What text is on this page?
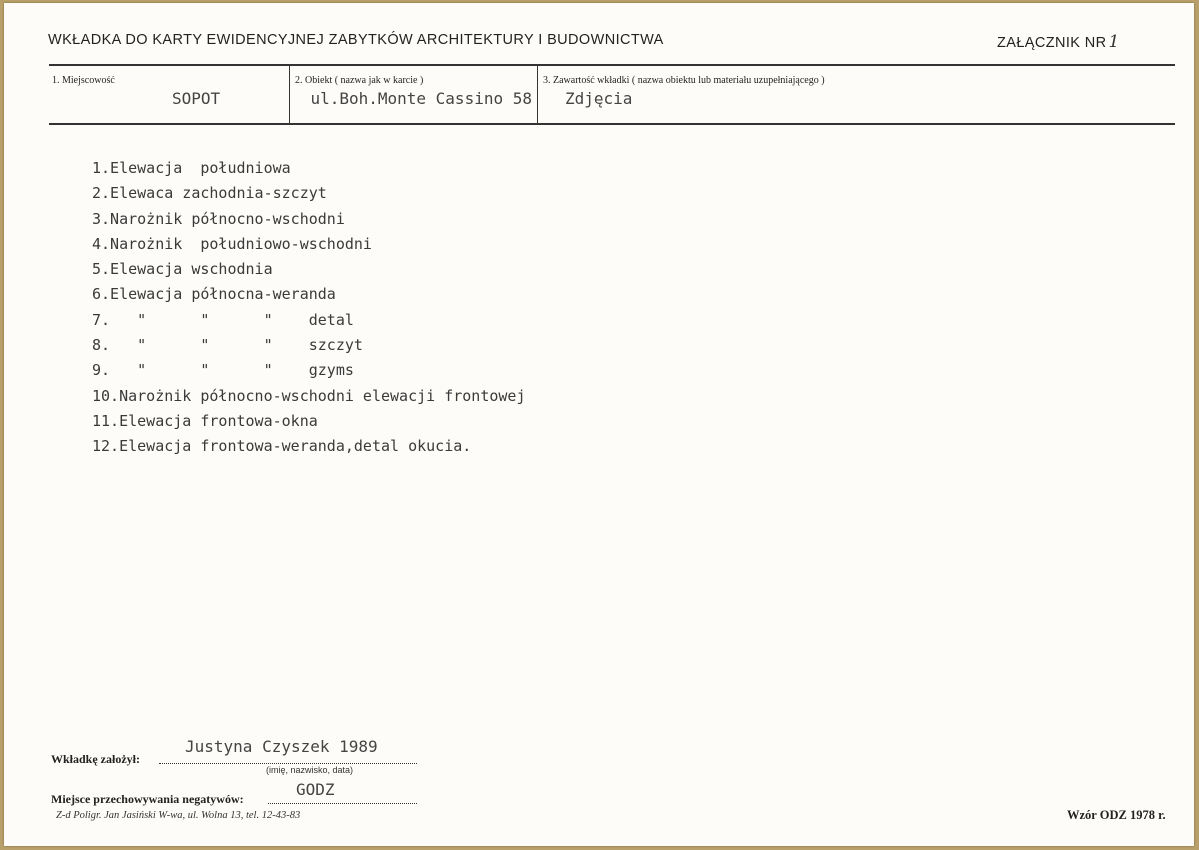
WKŁADKA DO KARTY EWIDENCYJNEJ ZABYTKÓW ARCHITEKTURY I BUDOWNICTWA	ZAŁĄCZNIK NR 1
1. Miejscowość
SOPOT
2. Obiekt ( nazwa jak w karcie )
ul.Boh.Monte Cassino 58
3. Zawartość wkładki ( nazwa obiektu lub materiału uzupełniającego )
Zdjęcia
1.Elewacja  południowa
2.Elewaca zachodnia-szczyt
3.Narożnik północno-wschodni
4.Narożnik  południowo-wschodni
5.Elewacja wschodnia
6.Elewacja północna-weranda
7.   "      "      "    detal
8.   "      "      "    szczyt
9.   "      "      "    gzyms
10.Narożnik północno-wschodni elewacji frontowej
11.Elewacja frontowa-okna
12.Elewacja frontowa-weranda,detal okucia.
Wkładkę założył:
Justyna Czyszek 1989
(imię, nazwisko, data)
Miejsce przechowywania negatywów:	GODZ
Z-d Poligr. Jan Jasiński W-wa, ul. Wolna 13, tel. 12-43-83	Wzór ODZ 1978 r.
